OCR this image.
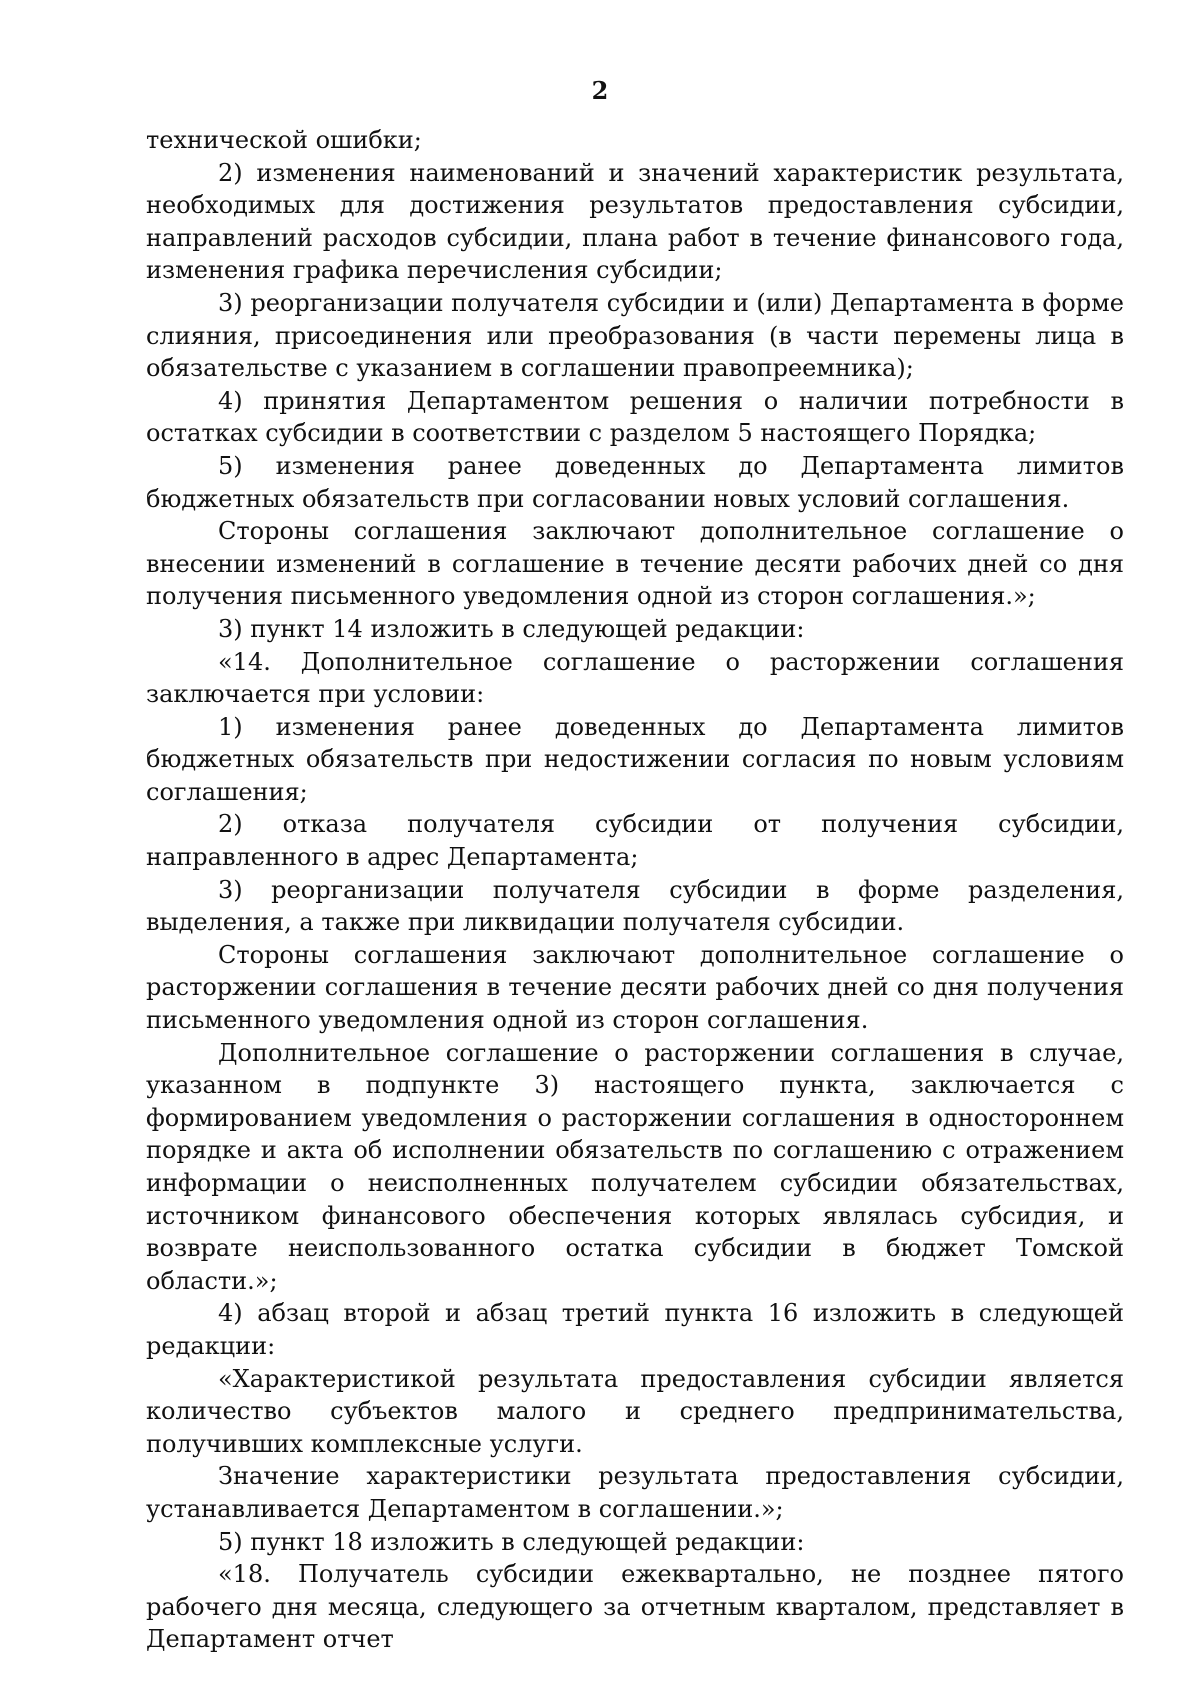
2

технической ошибки;

2) изменения наименований и значений характеристик результата, необходимых для достижения результатов предоставления субсидии, направлений расходов субсидии, плана работ в течение финансового года, изменения графика перечисления субсидии;

3) реорганизации получателя субсидии и (или) Департамента в форме слияния, присоединения или преобразования (в части перемены лица в обязательстве с указанием в соглашении правопреемника);

4) принятия Департаментом решения о наличии потребности в остатках субсидии в соответствии с разделом 5 настоящего Порядка;

5) изменения ранее доведенных до Департамента лимитов бюджетных обязательств при согласовании новых условий соглашения.

Стороны соглашения заключают дополнительное соглашение о внесении изменений в соглашение в течение десяти рабочих дней со дня получения письменного уведомления одной из сторон соглашения.»;

3) пункт 14 изложить в следующей редакции:

«14. Дополнительное соглашение о расторжении соглашения заключается при условии:

1) изменения ранее доведенных до Департамента лимитов бюджетных обязательств при недостижении согласия по новым условиям соглашения;

2) отказа получателя субсидии от получения субсидии, направленного в адрес Департамента;

3) реорганизации получателя субсидии в форме разделения, выделения, а также при ликвидации получателя субсидии.

Стороны соглашения заключают дополнительное соглашение о расторжении соглашения в течение десяти рабочих дней со дня получения письменного уведомления одной из сторон соглашения.

Дополнительное соглашение о расторжении соглашения в случае, указанном в подпункте 3) настоящего пункта, заключается с формированием уведомления о расторжении соглашения в одностороннем порядке и акта об исполнении обязательств по соглашению с отражением информации о неисполненных получателем субсидии обязательствах, источником финансового обеспечения которых являлась субсидия, и возврате неиспользованного остатка субсидии в бюджет Томской области.»;

4) абзац второй и абзац третий пункта 16 изложить в следующей редакции:

«Характеристикой результата предоставления субсидии является количество субъектов малого и среднего предпринимательства, получивших комплексные услуги.

Значение характеристики результата предоставления субсидии, устанавливается Департаментом в соглашении.»;

5) пункт 18 изложить в следующей редакции:

«18. Получатель субсидии ежеквартально, не позднее пятого рабочего дня месяца, следующего за отчетным кварталом, представляет в Департамент отчет
